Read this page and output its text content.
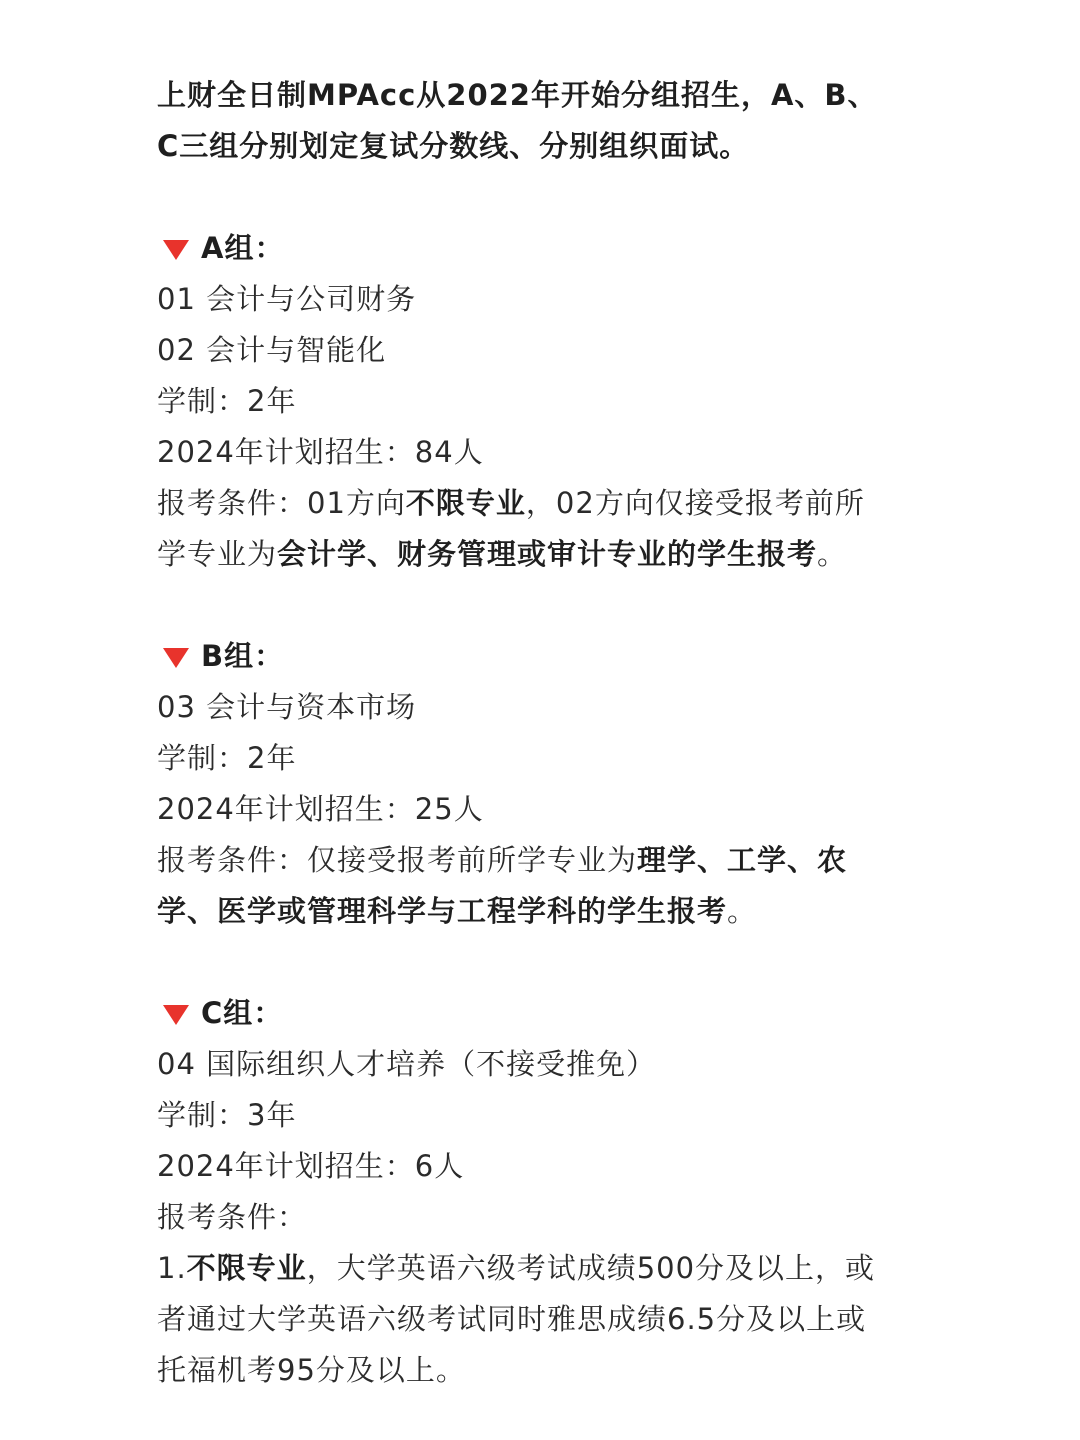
上财全日制MPAcc从2022年开始分组招生，A、B、
C三组分别划定复试分数线、分别组织面试。
A组：
01 会计与公司财务
02 会计与智能化
学制：2年
2024年计划招生：84人
报考条件：01方向不限专业，02方向仅接受报考前所
学专业为会计学、财务管理或审计专业的学生报考。
B组：
03 会计与资本市场
学制：2年
2024年计划招生：25人
报考条件：仅接受报考前所学专业为理学、工学、农
学、医学或管理科学与工程学科的学生报考。
C组：
04 国际组织人才培养（不接受推免）
学制：3年
2024年计划招生：6人
报考条件：
1.不限专业，大学英语六级考试成绩500分及以上，或
者通过大学英语六级考试同时雅思成绩6.5分及以上或
托福机考95分及以上。
